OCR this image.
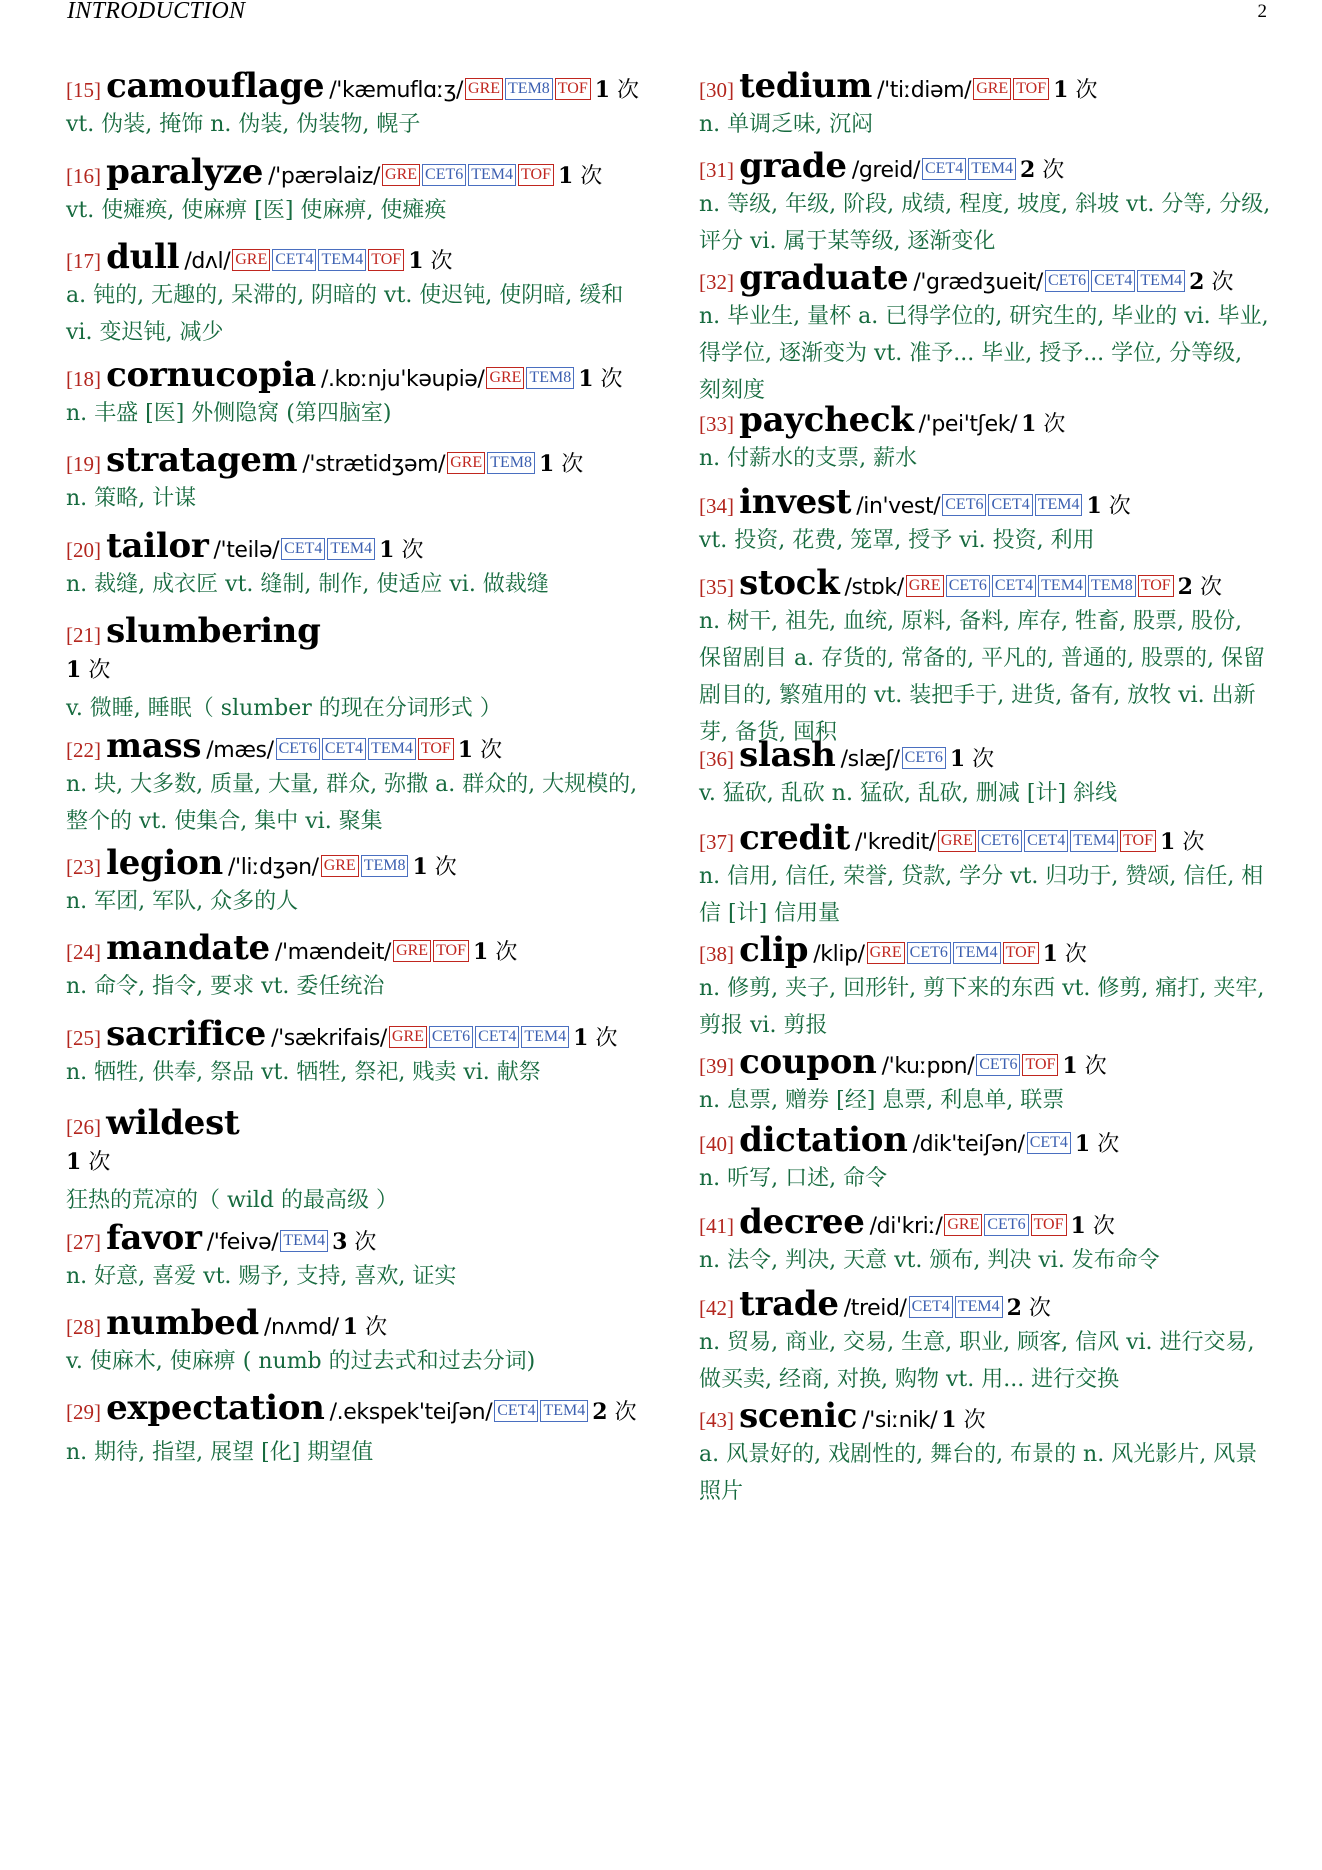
INTRODUCTION	2
[15] camouflage /'kæmuflɑːʒ/ GRE TEM8 TOF 1 次
vt. 伪装, 掩饰 n. 伪装, 伪装物, 幌子
[16] paralyze /'pærəlaiz/ GRE CET6 TEM4 TOF 1 次
vt. 使瘫痪, 使麻痹 [医] 使麻痹, 使瘫痪
[17] dull /dʌl/ GRE CET4 TEM4 TOF 1 次
a. 钝的, 无趣的, 呆滞的, 阴暗的 vt. 使迟钝, 使阴暗, 缓和 vi. 变迟钝, 减少
[18] cornucopia /.kɒːnju'kəupiə/ GRE TEM8 1 次
n. 丰盛 [医] 外侧隐窝 (第四脑室)
[19] stratagem /'strætidʒəm/ GRE TEM8 1 次
n. 策略, 计谋
[20] tailor /'teilə/ CET4 TEM4 1 次
n. 裁缝, 成衣匠 vt. 缝制, 制作, 使适应 vi. 做裁缝
[21] slumbering
1 次
v. 微睡, 睡眠（ slumber 的现在分词形式 ）
[22] mass /mæs/ CET6 CET4 TEM4 TOF 1 次
n. 块, 大多数, 质量, 大量, 群众, 弥撒 a. 群众的, 大规模的, 整个的 vt. 使集合, 集中 vi. 聚集
[23] legion /'liːdʒən/ GRE TEM8 1 次
n. 军团, 军队, 众多的人
[24] mandate /'mændeit/ GRE TOF 1 次
n. 命令, 指令, 要求 vt. 委任统治
[25] sacrifice /'sækrifais/ GRE CET6 CET4 TEM4 1 次
n. 牺牲, 供奉, 祭品 vt. 牺牲, 祭祀, 贱卖 vi. 献祭
[26] wildest
1 次
狂热的荒凉的（ wild 的最高级 ）
[27] favor /'feivə/ TEM4 3 次
n. 好意, 喜爱 vt. 赐予, 支持, 喜欢, 证实
[28] numbed /nʌmd/ 1 次
v. 使麻木, 使麻痹 ( numb 的过去式和过去分词)
[29] expectation /.ekspek'teiʃən/ CET4 TEM4 2 次
n. 期待, 指望, 展望 [化] 期望值
[30] tedium /'tiːdiəm/ GRE TOF 1 次
n. 单调乏味, 沉闷
[31] grade /greid/ CET4 TEM4 2 次
n. 等级, 年级, 阶段, 成绩, 程度, 坡度, 斜坡 vt. 分等, 分级, 评分 vi. 属于某等级, 逐渐变化
[32] graduate /'grædʒueit/ CET6 CET4 TEM4 2 次
n. 毕业生, 量杯 a. 已得学位的, 研究生的, 毕业的 vi. 毕业, 得学位, 逐渐变为 vt. 准予... 毕业, 授予... 学位, 分等级, 刻刻度
[33] paycheck /'pei'tʃek/ 1 次
n. 付薪水的支票, 薪水
[34] invest /in'vest/ CET6 CET4 TEM4 1 次
vt. 投资, 花费, 笼罩, 授予 vi. 投资, 利用
[35] stock /stɒk/ GRE CET6 CET4 TEM4 TEM8 TOF 2 次
n. 树干, 祖先, 血统, 原料, 备料, 库存, 牲畜, 股票, 股份, 保留剧目 a. 存货的, 常备的, 平凡的, 普通的, 股票的, 保留剧目的, 繁殖用的 vt. 装把手于, 进货, 备有, 放牧 vi. 出新芽, 备货, 囤积
[36] slash /slæʃ/ CET6 1 次
v. 猛砍, 乱砍 n. 猛砍, 乱砍, 删减 [计] 斜线
[37] credit /'kredit/ GRE CET6 CET4 TEM4 TOF 1 次
n. 信用, 信任, 荣誉, 贷款, 学分 vt. 归功于, 赞颂, 信任, 相信 [计] 信用量
[38] clip /klip/ GRE CET6 TEM4 TOF 1 次
n. 修剪, 夹子, 回形针, 剪下来的东西 vt. 修剪, 痛打, 夹牢, 剪报 vi. 剪报
[39] coupon /'kuːpɒn/ CET6 TOF 1 次
n. 息票, 赠券 [经] 息票, 利息单, 联票
[40] dictation /dik'teiʃən/ CET4 1 次
n. 听写, 口述, 命令
[41] decree /di'kriː/ GRE CET6 TOF 1 次
n. 法令, 判决, 天意 vt. 颁布, 判决 vi. 发布命令
[42] trade /treid/ CET4 TEM4 2 次
n. 贸易, 商业, 交易, 生意, 职业, 顾客, 信风 vi. 进行交易, 做买卖, 经商, 对换, 购物 vt. 用... 进行交换
[43] scenic /'siːnik/ 1 次
a. 风景好的, 戏剧性的, 舞台的, 布景的 n. 风光影片, 风景照片
